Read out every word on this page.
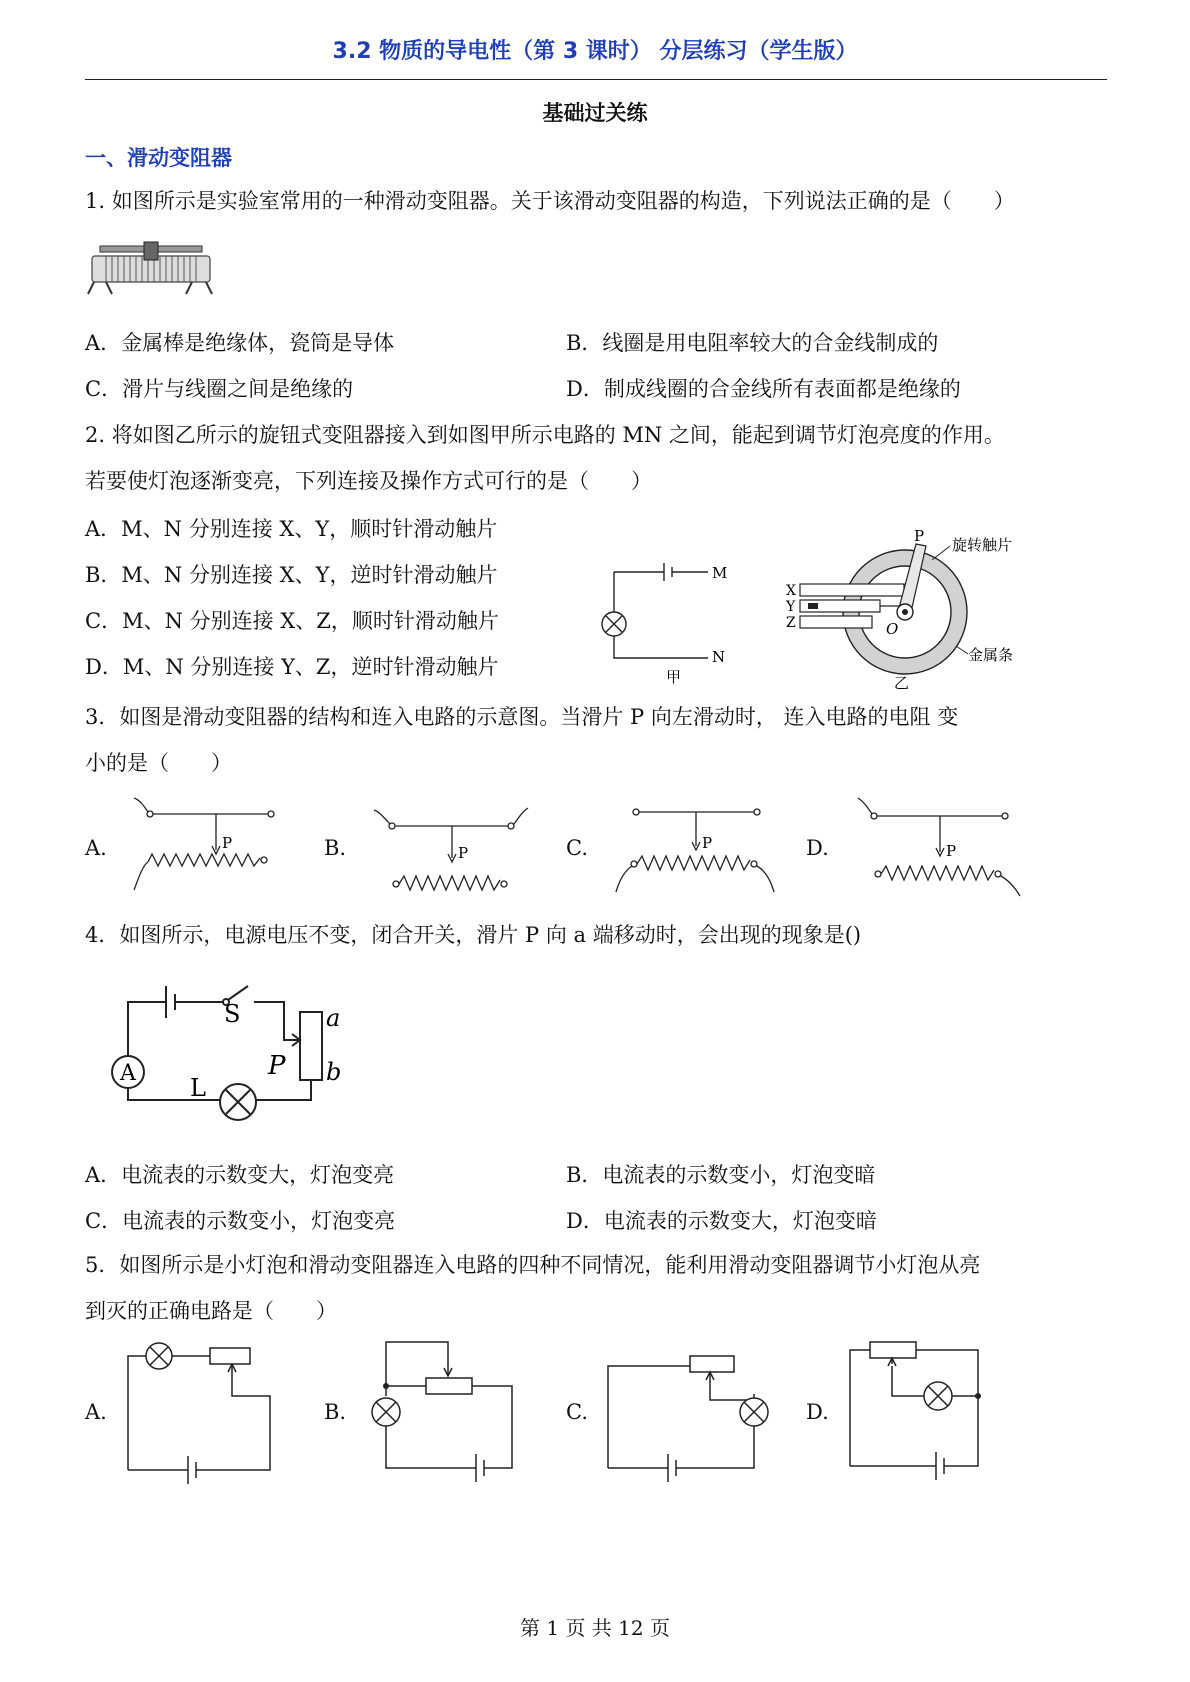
3.2 物质的导电性（第 3 课时） 分层练习（学生版）
基础过关练
一、滑动变阻器
1. 如图所示是实验室常用的一种滑动变阻器。关于该滑动变阻器的构造，下列说法正确的是（　　）
A．金属棒是绝缘体，瓷筒是导体	B．线圈是用电阻率较大的合金线制成的
C．滑片与线圈之间是绝缘的	D．制成线圈的合金线所有表面都是绝缘的
2. 将如图乙所示的旋钮式变阻器接入到如图甲所示电路的 MN 之间，能起到调节灯泡亮度的作用。
若要使灯泡逐渐变亮，下列连接及操作方式可行的是（　　）
A．M、N 分别连接 X、Y，顺时针滑动触片
B．M、N 分别连接 X、Y，逆时针滑动触片
C．M、N 分别连接 X、Z，顺时针滑动触片
D．M、N 分别连接 Y、Z，逆时针滑动触片
M
N
甲
P
X
Y
Z	O
旋转触片
金属条
乙
3．如图是滑动变阻器的结构和连入电路的示意图。当滑片 P 向左滑动时， 连入电路的电阻 变
小的是（　　）
A.	P	B.	P	C.	P	D.	P
4．如图所示，电源电压不变，闭合开关，滑片 P 向 a 端移动时，会出现的现象是()
A
S
L
P
a
b
A．电流表的示数变大，灯泡变亮	B．电流表的示数变小，灯泡变暗
C．电流表的示数变小，灯泡变亮	D．电流表的示数变大，灯泡变暗
5．如图所示是小灯泡和滑动变阻器连入电路的四种不同情况，能利用滑动变阻器调节小灯泡从亮
到灭的正确电路是（　　）
A.	B.	C.	D.
第 1 页 共 12 页
